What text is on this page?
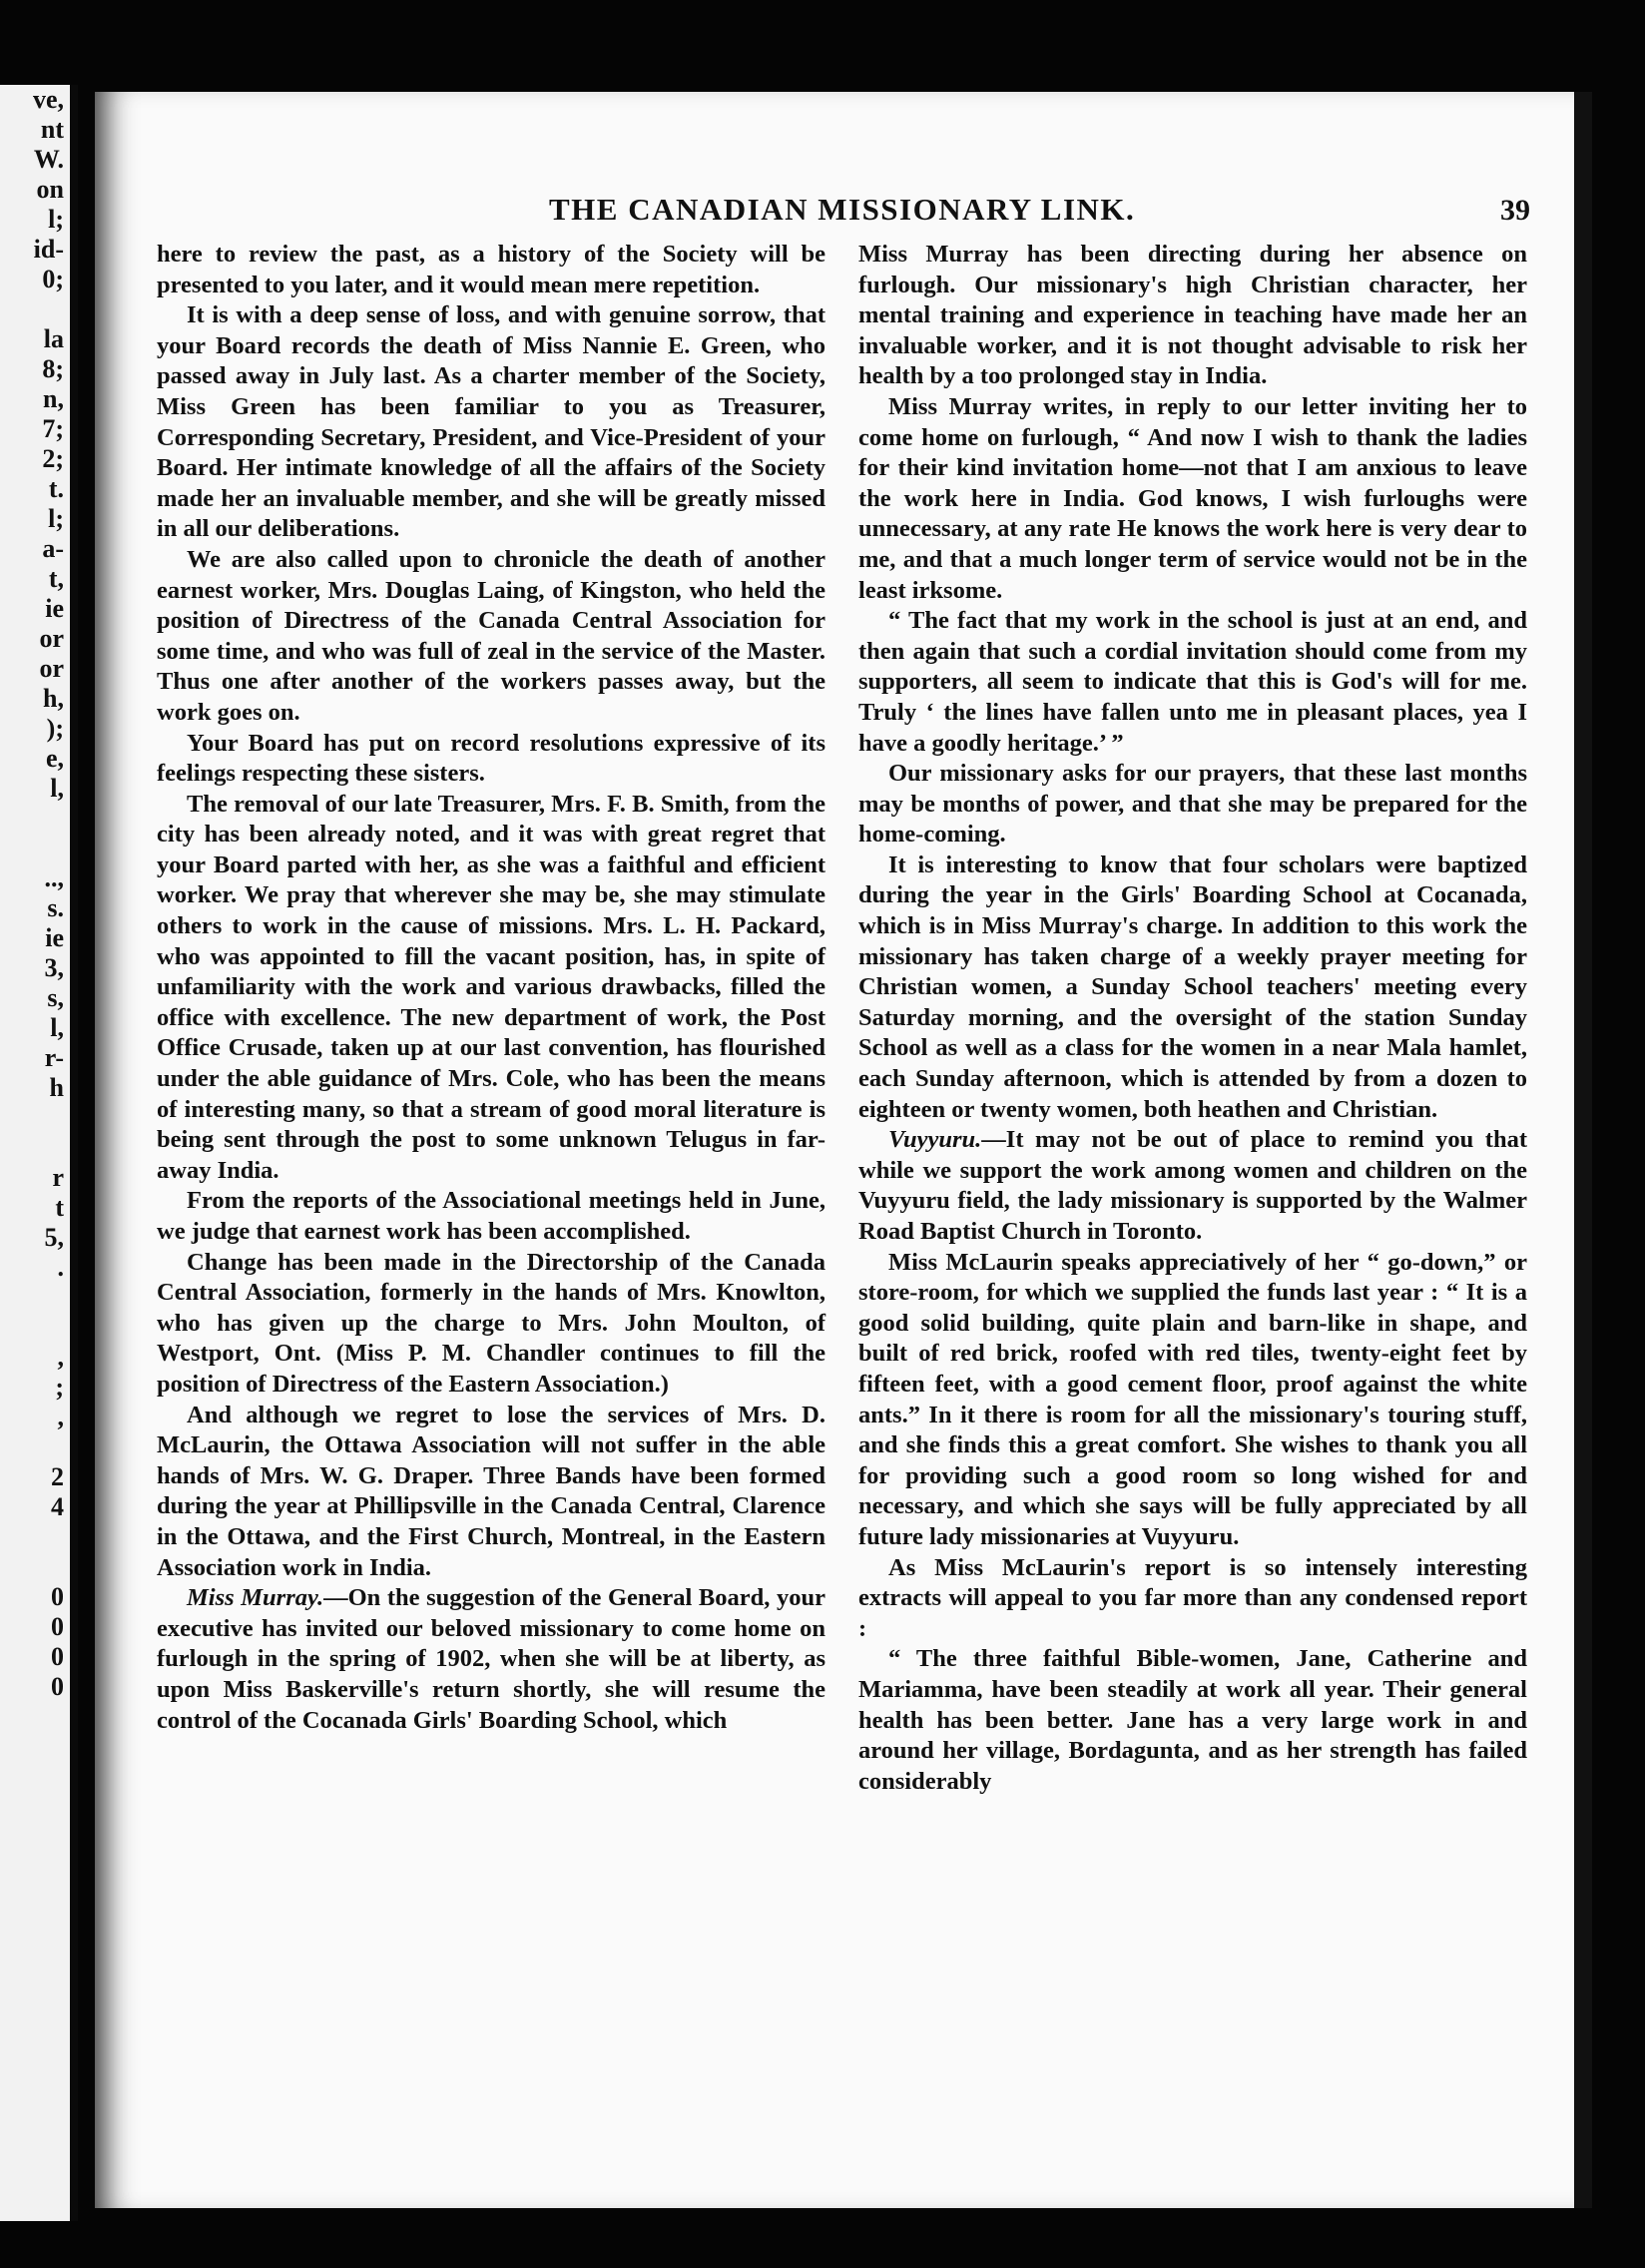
ve,
nt
W.
on
l;
id-
0;
la
8;
n,
7;
2;
t.
l;
a-
t,
ie
or
or
h,
);
e,
l,
..,
s.
ie
3,
s,
l,
r-
h
r
t
5,
.
,
;
,
2
4
0
0
0
0
THE CANADIAN MISSIONARY LINK.	39

here to review the past, as a history of the Society will be presented to you later, and it would mean mere repetition.

It is with a deep sense of loss, and with genuine sorrow, that your Board records the death of Miss Nannie E. Green, who passed away in July last. As a charter member of the Society, Miss Green has been familiar to you as Treasurer, Corresponding Secretary, President, and Vice-President of your Board. Her intimate knowledge of all the affairs of the Society made her an invaluable member, and she will be greatly missed in all our deliberations.

We are also called upon to chronicle the death of another earnest worker, Mrs. Douglas Laing, of Kingston, who held the position of Directress of the Canada Central Association for some time, and who was full of zeal in the service of the Master. Thus one after another of the workers passes away, but the work goes on.

Your Board has put on record resolutions expressive of its feelings respecting these sisters.

The removal of our late Treasurer, Mrs. F. B. Smith, from the city has been already noted, and it was with great regret that your Board parted with her, as she was a faithful and efficient worker. We pray that wherever she may be, she may stimulate others to work in the cause of missions. Mrs. L. H. Packard, who was appointed to fill the vacant position, has, in spite of unfamiliarity with the work and various drawbacks, filled the office with excellence. The new department of work, the Post Office Crusade, taken up at our last convention, has flourished under the able guidance of Mrs. Cole, who has been the means of interesting many, so that a stream of good moral literature is being sent through the post to some unknown Telugus in far-away India.

From the reports of the Associational meetings held in June, we judge that earnest work has been accomplished.

Change has been made in the Directorship of the Canada Central Association, formerly in the hands of Mrs. Knowlton, who has given up the charge to Mrs. John Moulton, of Westport, Ont. (Miss P. M. Chandler continues to fill the position of Directress of the Eastern Association.)

And although we regret to lose the services of Mrs. D. McLaurin, the Ottawa Association will not suffer in the able hands of Mrs. W. G. Draper. Three Bands have been formed during the year at Phillipsville in the Canada Central, Clarence in the Ottawa, and the First Church, Montreal, in the Eastern Association work in India.

Miss Murray.—On the suggestion of the General Board, your executive has invited our beloved missionary to come home on furlough in the spring of 1902, when she will be at liberty, as upon Miss Baskerville's return shortly, she will resume the control of the Cocanada Girls' Boarding School, which

Miss Murray has been directing during her absence on furlough. Our missionary's high Christian character, her mental training and experience in teaching have made her an invaluable worker, and it is not thought advisable to risk her health by a too prolonged stay in India.

Miss Murray writes, in reply to our letter inviting her to come home on furlough, “ And now I wish to thank the ladies for their kind invitation home—not that I am anxious to leave the work here in India. God knows, I wish furloughs were unnecessary, at any rate He knows the work here is very dear to me, and that a much longer term of service would not be in the least irksome.

“ The fact that my work in the school is just at an end, and then again that such a cordial invitation should come from my supporters, all seem to indicate that this is God's will for me. Truly ‘ the lines have fallen unto me in pleasant places, yea I have a goodly heritage.’ ”

Our missionary asks for our prayers, that these last months may be months of power, and that she may be prepared for the home-coming.

It is interesting to know that four scholars were baptized during the year in the Girls' Boarding School at Cocanada, which is in Miss Murray's charge. In addition to this work the missionary has taken charge of a weekly prayer meeting for Christian women, a Sunday School teachers' meeting every Saturday morning, and the oversight of the station Sunday School as well as a class for the women in a near Mala hamlet, each Sunday afternoon, which is attended by from a dozen to eighteen or twenty women, both heathen and Christian.

Vuyyuru.—It may not be out of place to remind you that while we support the work among women and children on the Vuyyuru field, the lady missionary is supported by the Walmer Road Baptist Church in Toronto.

Miss McLaurin speaks appreciatively of her “ go-down,” or store-room, for which we supplied the funds last year : “ It is a good solid building, quite plain and barn-like in shape, and built of red brick, roofed with red tiles, twenty-eight feet by fifteen feet, with a good cement floor, proof against the white ants.” In it there is room for all the missionary's touring stuff, and she finds this a great comfort. She wishes to thank you all for providing such a good room so long wished for and necessary, and which she says will be fully appreciated by all future lady missionaries at Vuyyuru.

As Miss McLaurin's report is so intensely interesting extracts will appeal to you far more than any condensed report :

“ The three faithful Bible-women, Jane, Catherine and Mariamma, have been steadily at work all year. Their general health has been better. Jane has a very large work in and around her village, Bordagunta, and as her strength has failed considerably
